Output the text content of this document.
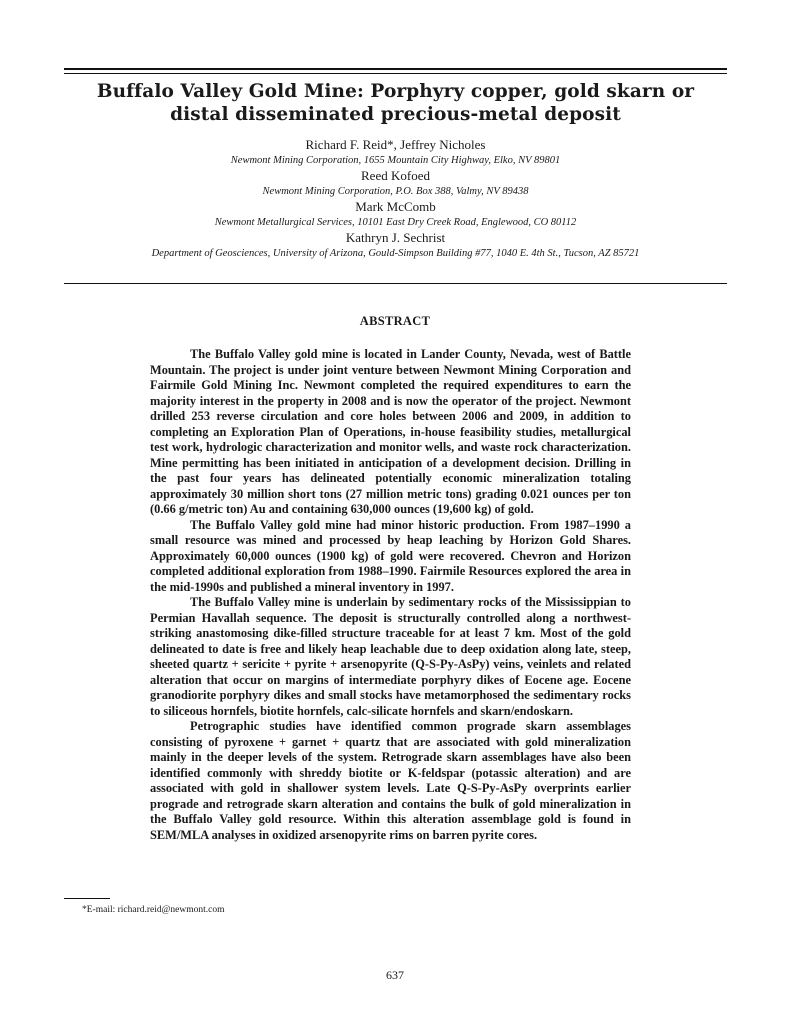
Buffalo Valley Gold Mine: Porphyry copper, gold skarn or
distal disseminated precious-metal deposit
Richard F. Reid*, Jeffrey Nicholes
Newmont Mining Corporation, 1655 Mountain City Highway, Elko, NV 89801
Reed Kofoed
Newmont Mining Corporation, P.O. Box 388, Valmy, NV 89438
Mark McComb
Newmont Metallurgical Services, 10101 East Dry Creek Road, Englewood, CO 80112
Kathryn J. Sechrist
Department of Geosciences, University of Arizona, Gould-Simpson Building #77, 1040 E. 4th St., Tucson, AZ 85721
ABSTRACT

The Buffalo Valley gold mine is located in Lander County, Nevada, west of Battle Mountain. The project is under joint venture between Newmont Mining Corporation and Fairmile Gold Mining Inc. Newmont completed the required expenditures to earn the majority interest in the property in 2008 and is now the operator of the project. Newmont drilled 253 reverse circulation and core holes between 2006 and 2009, in addition to completing an Exploration Plan of Operations, in-house feasibility studies, metallurgical test work, hydrologic characterization and monitor wells, and waste rock characterization. Mine permitting has been initiated in anticipation of a development decision. Drilling in the past four years has delineated potentially economic mineralization totaling approximately 30 million short tons (27 million metric tons) grading 0.021 ounces per ton (0.66 g/metric ton) Au and containing 630,000 ounces (19,600 kg) of gold.

The Buffalo Valley gold mine had minor historic production. From 1987–1990 a small resource was mined and processed by heap leaching by Horizon Gold Shares. Approximately 60,000 ounces (1900 kg) of gold were recovered. Chevron and Horizon completed additional exploration from 1988–1990. Fairmile Resources explored the area in the mid-1990s and published a mineral inventory in 1997.

The Buffalo Valley mine is underlain by sedimentary rocks of the Mississippian to Permian Havallah sequence. The deposit is structurally controlled along a northwest-striking anastomosing dike-filled structure traceable for at least 7 km. Most of the gold delineated to date is free and likely heap leachable due to deep oxidation along late, steep, sheeted quartz + sericite + pyrite + arsenopyrite (Q-S-Py-AsPy) veins, veinlets and related alteration that occur on margins of intermediate porphyry dikes of Eocene age. Eocene granodiorite porphyry dikes and small stocks have metamorphosed the sedimentary rocks to siliceous hornfels, biotite hornfels, calc-silicate hornfels and skarn/endoskarn.

Petrographic studies have identified common prograde skarn assemblages consisting of pyroxene + garnet + quartz that are associated with gold mineralization mainly in the deeper levels of the system. Retrograde skarn assemblages have also been identified commonly with shreddy biotite or K-feldspar (potassic alteration) and are associated with gold in shallower system levels. Late Q-S-Py-AsPy overprints earlier prograde and retrograde skarn alteration and contains the bulk of gold mineralization in the Buffalo Valley gold resource. Within this alteration assemblage gold is found in SEM/MLA analyses in oxidized arsenopyrite rims on barren pyrite cores.

*E-mail: richard.reid@newmont.com
637
